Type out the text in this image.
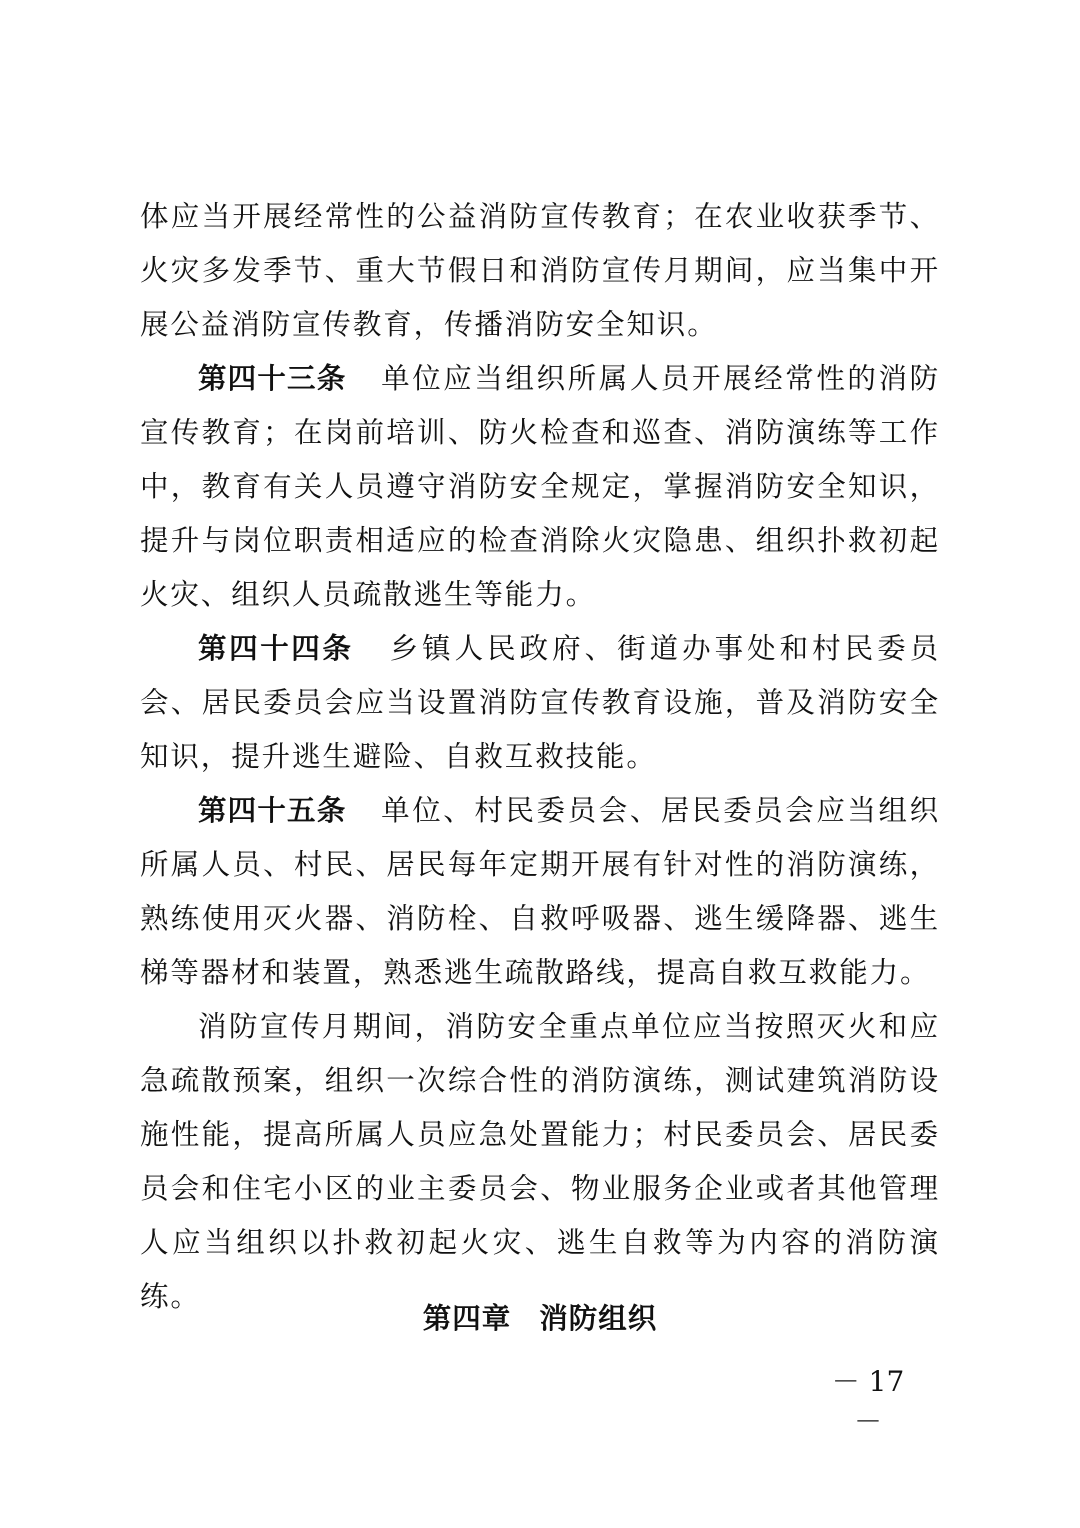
体应当开展经常性的公益消防宣传教育；在农业收获季节、火灾多发季节、重大节假日和消防宣传月期间，应当集中开展公益消防宣传教育，传播消防安全知识。

第四十三条 单位应当组织所属人员开展经常性的消防宣传教育；在岗前培训、防火检查和巡查、消防演练等工作中，教育有关人员遵守消防安全规定，掌握消防安全知识，提升与岗位职责相适应的检查消除火灾隐患、组织扑救初起火灾、组织人员疏散逃生等能力。

第四十四条 乡镇人民政府、街道办事处和村民委员会、居民委员会应当设置消防宣传教育设施，普及消防安全知识，提升逃生避险、自救互救技能。

第四十五条 单位、村民委员会、居民委员会应当组织所属人员、村民、居民每年定期开展有针对性的消防演练，熟练使用灭火器、消防栓、自救呼吸器、逃生缓降器、逃生梯等器材和装置，熟悉逃生疏散路线，提高自救互救能力。

消防宣传月期间，消防安全重点单位应当按照灭火和应急疏散预案，组织一次综合性的消防演练，测试建筑消防设施性能，提高所属人员应急处置能力；村民委员会、居民委员会和住宅小区的业主委员会、物业服务企业或者其他管理人应当组织以扑救初起火灾、逃生自救等为内容的消防演练。

第四章 消防组织
－ 17 －
